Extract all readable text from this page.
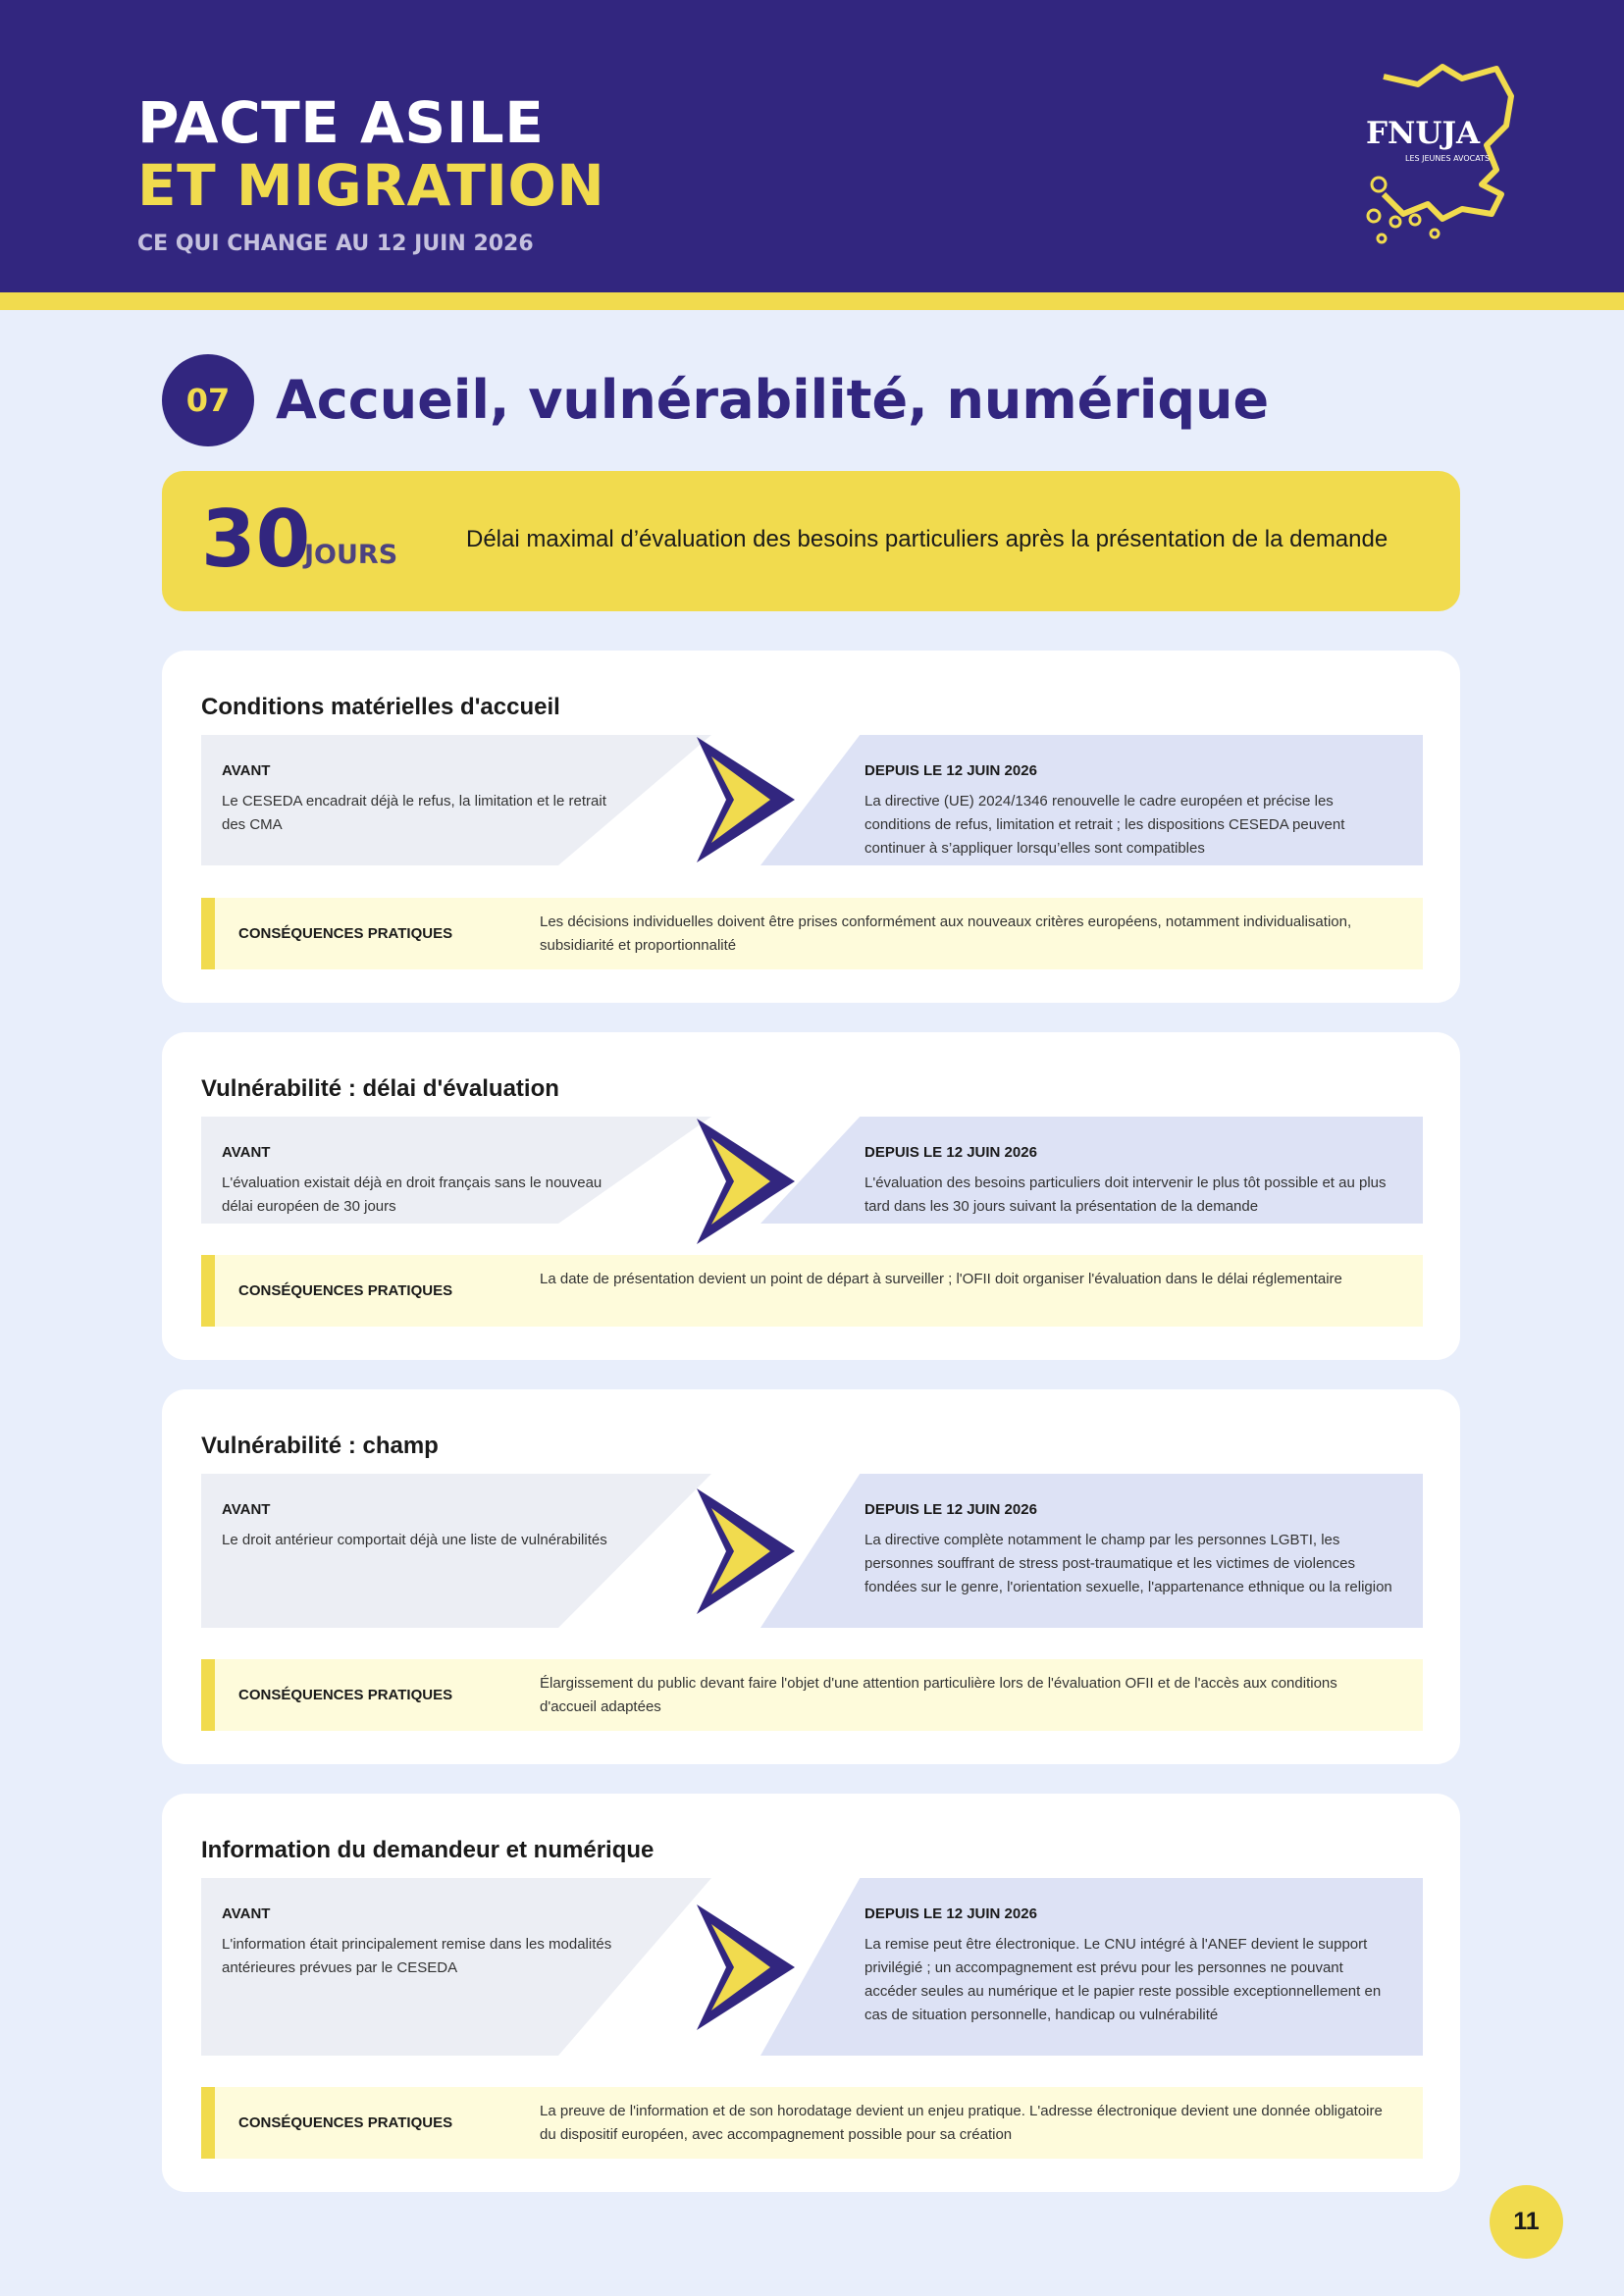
PACTE ASILE
ET MIGRATION
CE QUI CHANGE AU 12 JUIN 2026
FNUJA
LES JEUNES AVOCATS
07 Accueil, vulnérabilité, numérique
30
JOURS
Délai maximal d’évaluation des besoins particuliers après la présentation de la demande
Conditions matérielles d'accueil
AVANT
Le CESEDA encadrait déjà le refus, la limitation et le retrait des CMA
DEPUIS LE 12 JUIN 2026
La directive (UE) 2024/1346 renouvelle le cadre européen et précise les conditions de refus, limitation et retrait ; les dispositions CESEDA peuvent continuer à s’appliquer lorsqu’elles sont compatibles
CONSÉQUENCES PRATIQUES
Les décisions individuelles doivent être prises conformément aux nouveaux critères européens, notamment individualisation, subsidiarité et proportionnalité
Vulnérabilité : délai d'évaluation
AVANT
L'évaluation existait déjà en droit français sans le nouveau délai européen de 30 jours
DEPUIS LE 12 JUIN 2026
L'évaluation des besoins particuliers doit intervenir le plus tôt possible et au plus tard dans les 30 jours suivant la présentation de la demande
CONSÉQUENCES PRATIQUES
La date de présentation devient un point de départ à surveiller ; l'OFII doit organiser l'évaluation dans le délai réglementaire
Vulnérabilité : champ
AVANT
Le droit antérieur comportait déjà une liste de vulnérabilités
DEPUIS LE 12 JUIN 2026
La directive complète notamment le champ par les personnes LGBTI, les personnes souffrant de stress post-traumatique et les victimes de violences fondées sur le genre, l'orientation sexuelle, l'appartenance ethnique ou la religion
CONSÉQUENCES PRATIQUES
Élargissement du public devant faire l'objet d'une attention particulière lors de l'évaluation OFII et de l'accès aux conditions d'accueil adaptées
Information du demandeur et numérique
AVANT
L'information était principalement remise dans les modalités antérieures prévues par le CESEDA
DEPUIS LE 12 JUIN 2026
La remise peut être électronique. Le CNU intégré à l'ANEF devient le support privilégié ; un accompagnement est prévu pour les personnes ne pouvant accéder seules au numérique et le papier reste possible exceptionnellement en cas de situation personnelle, handicap ou vulnérabilité
CONSÉQUENCES PRATIQUES
La preuve de l'information et de son horodatage devient un enjeu pratique. L'adresse électronique devient une donnée obligatoire du dispositif européen, avec accompagnement possible pour sa création
11
